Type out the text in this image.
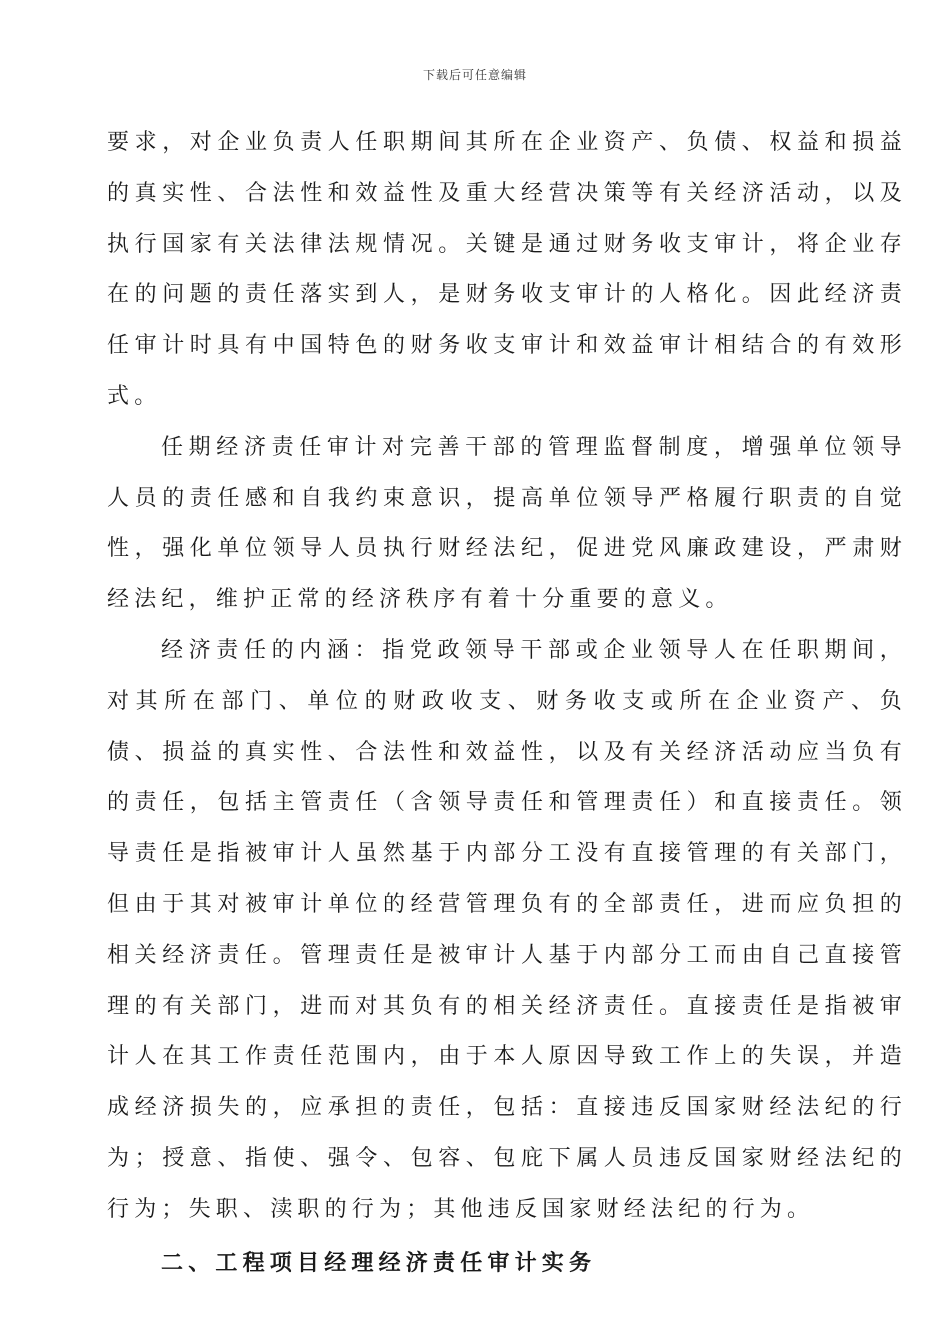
下载后可任意编辑

要求，对企业负责人任职期间其所在企业资产、负债、权益和损益的真实性、合法性和效益性及重大经营决策等有关经济活动，以及执行国家有关法律法规情况。关键是通过财务收支审计，将企业存在的问题的责任落实到人，是财务收支审计的人格化。因此经济责任审计时具有中国特色的财务收支审计和效益审计相结合的有效形式。

任期经济责任审计对完善干部的管理监督制度，增强单位领导人员的责任感和自我约束意识，提高单位领导严格履行职责的自觉性，强化单位领导人员执行财经法纪，促进党风廉政建设，严肃财经法纪，维护正常的经济秩序有着十分重要的意义。

经济责任的内涵：指党政领导干部或企业领导人在任职期间，对其所在部门、单位的财政收支、财务收支或所在企业资产、负债、损益的真实性、合法性和效益性，以及有关经济活动应当负有的责任，包括主管责任（含领导责任和管理责任）和直接责任。领导责任是指被审计人虽然基于内部分工没有直接管理的有关部门，但由于其对被审计单位的经营管理负有的全部责任，进而应负担的相关经济责任。管理责任是被审计人基于内部分工而由自己直接管理的有关部门，进而对其负有的相关经济责任。直接责任是指被审计人在其工作责任范围内，由于本人原因导致工作上的失误，并造成经济损失的，应承担的责任，包括：直接违反国家财经法纪的行为；授意、指使、强令、包容、包庇下属人员违反国家财经法纪的行为；失职、渎职的行为；其他违反国家财经法纪的行为。

二、工程项目经理经济责任审计实务
